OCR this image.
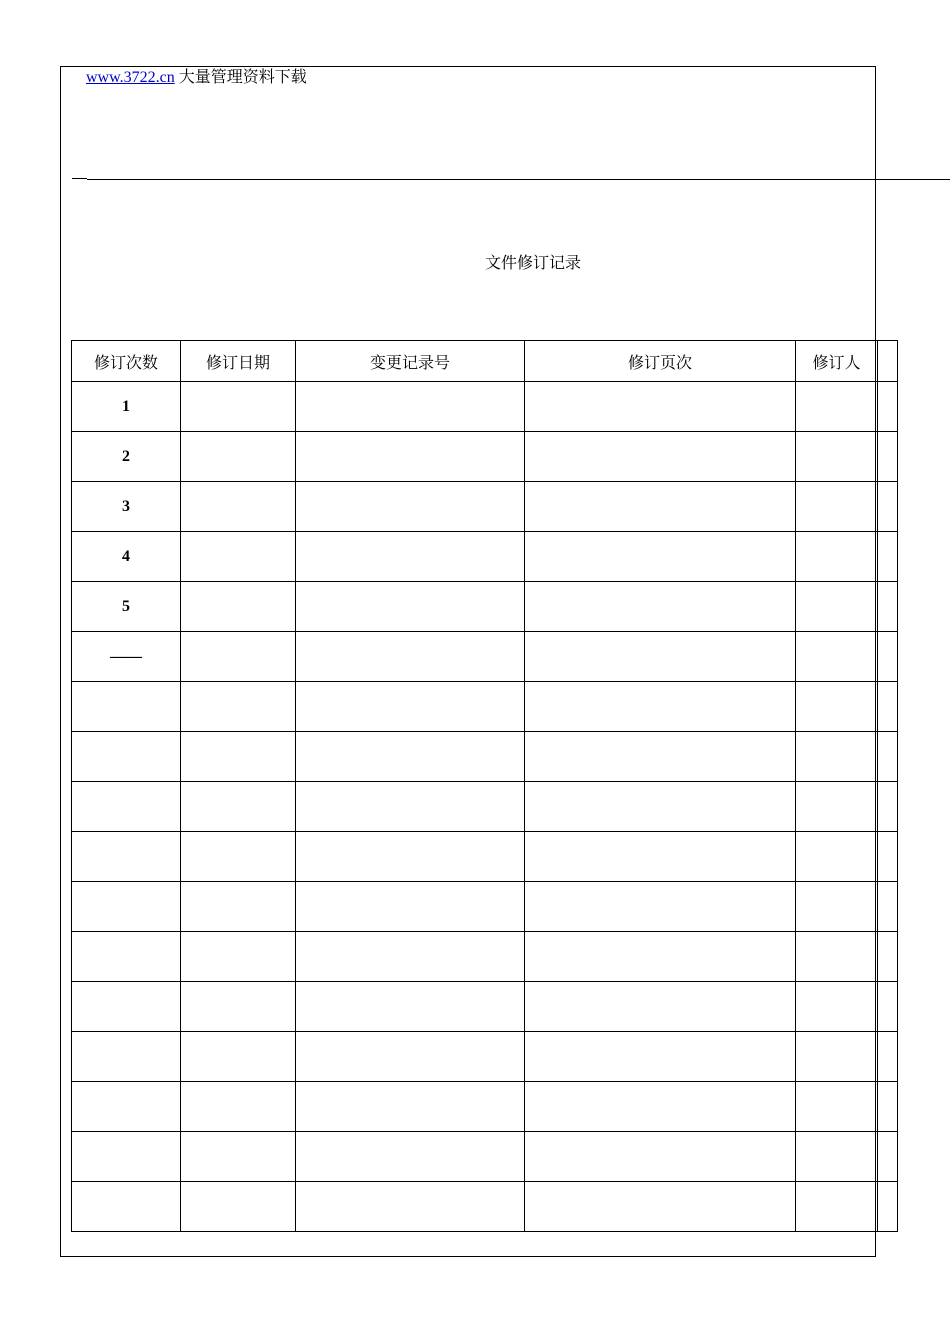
www.3722.cn 大量管理资料下载
文件修订记录
修订次数	修订日期	变更记录号	修订页次	修订人	
1					
2					
3					
4					
5					
——					
